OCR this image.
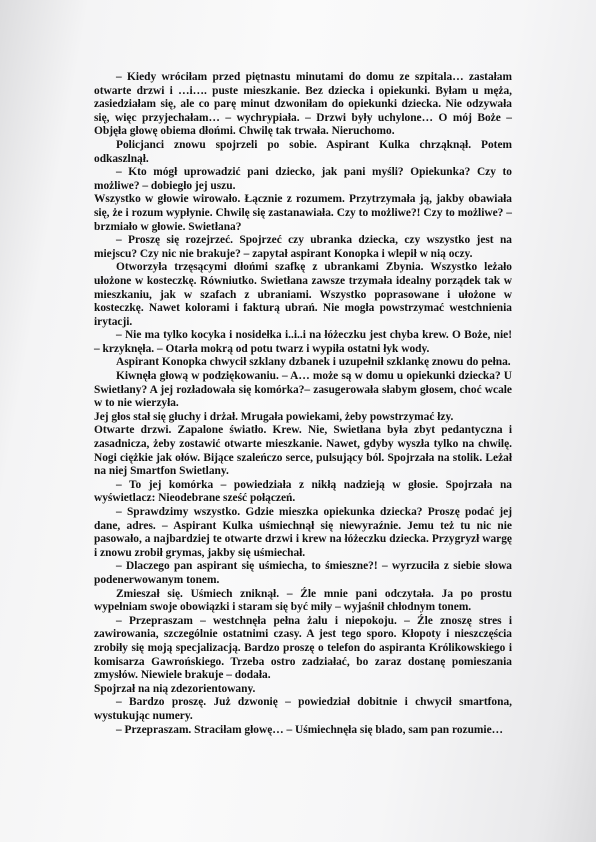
– Kiedy wróciłam przed piętnastu minutami do domu ze szpitala… zastałam otwarte drzwi i …i…. puste mieszkanie. Bez dziecka i opiekunki. Byłam u męża, zasiedziałam się, ale co parę minut dzwoniłam do opiekunki dziecka. Nie odzywała się, więc przyjechałam… – wychrypiała. – Drzwi były uchylone… O mój Boże – Objęła głowę obiema dłońmi. Chwilę tak trwała. Nieruchomo.

Policjanci znowu spojrzeli po sobie. Aspirant Kulka chrząknął. Potem odkaszlnął.

– Kto mógł uprowadzić pani dziecko, jak pani myśli? Opiekunka? Czy to możliwe? – dobiegło jej uszu.

Wszystko w głowie wirowało. Łącznie z rozumem. Przytrzymała ją, jakby obawiała się, że i rozum wypłynie. Chwilę się zastanawiała. Czy to możliwe?! Czy to możliwe? – brzmiało w głowie. Swietłana?

– Proszę się rozejrzeć. Spojrzeć czy ubranka dziecka, czy wszystko jest na miejscu? Czy nic nie brakuje? – zapytał aspirant Konopka i wlepił w nią oczy.

Otworzyła trzęsącymi dłońmi szafkę z ubrankami Zbynia. Wszystko leżało ułożone w kosteczkę. Równiutko. Swietłana zawsze trzymała idealny porządek tak w mieszkaniu, jak w szafach z ubraniami. Wszystko poprasowane i ułożone w kosteczkę. Nawet kolorami i fakturą ubrań. Nie mogła powstrzymać westchnienia irytacji.

– Nie ma tylko kocyka i nosidełka i..i..i na łóżeczku jest chyba krew. O Boże, nie! – krzyknęła. – Otarła mokrą od potu twarz i wypiła ostatni łyk wody.

Aspirant Konopka chwycił szklany dzbanek i uzupełnił szklankę znowu do pełna.

Kiwnęła głową w podziękowaniu. – A… może są w domu u opiekunki dziecka? U Swietłany? A jej rozładowała się komórka?– zasugerowała słabym głosem, choć wcale w to nie wierzyła.

Jej głos stał się głuchy i drżał. Mrugała powiekami, żeby powstrzymać łzy.

Otwarte drzwi. Zapalone światło. Krew. Nie, Swietłana była zbyt pedantyczna i zasadnicza, żeby zostawić otwarte mieszkanie. Nawet, gdyby wyszła tylko na chwilę. Nogi ciężkie jak ołów. Bijące szaleńczo serce, pulsujący ból. Spojrzała na stolik. Leżał na niej Smartfon Swietlany.

– To jej komórka – powiedziała z nikłą nadzieją w głosie. Spojrzała na wyświetlacz: Nieodebrane sześć połączeń.

– Sprawdzimy wszystko. Gdzie mieszka opiekunka dziecka? Proszę podać jej dane, adres. – Aspirant Kulka uśmiechnął się niewyraźnie. Jemu też tu nic nie pasowało, a najbardziej te otwarte drzwi i krew na łóżeczku dziecka. Przygryzł wargę i znowu zrobił grymas, jakby się uśmiechał.

– Dlaczego pan aspirant się uśmiecha, to śmieszne?! – wyrzuciła z siebie słowa podenerwowanym tonem.

Zmieszał się. Uśmiech zniknął. – Źle mnie pani odczytała. Ja po prostu wypełniam swoje obowiązki i staram się być miły – wyjaśnił chłodnym tonem.

– Przepraszam – westchnęła pełna żalu i niepokoju. – Źle znoszę stres i zawirowania, szczególnie ostatnimi czasy. A jest tego sporo. Kłopoty i nieszczęścia zrobiły się moją specjalizacją. Bardzo proszę o telefon do aspiranta Królikowskiego i komisarza Gawrońskiego. Trzeba ostro zadziałać, bo zaraz dostanę pomieszania zmysłów. Niewiele brakuje – dodała.

Spojrzał na nią zdezorientowany.

– Bardzo proszę. Już dzwonię – powiedział dobitnie i chwycił smartfona, wystukując numery.

– Przepraszam. Straciłam głowę… – Uśmiechnęła się blado, sam pan rozumie…
